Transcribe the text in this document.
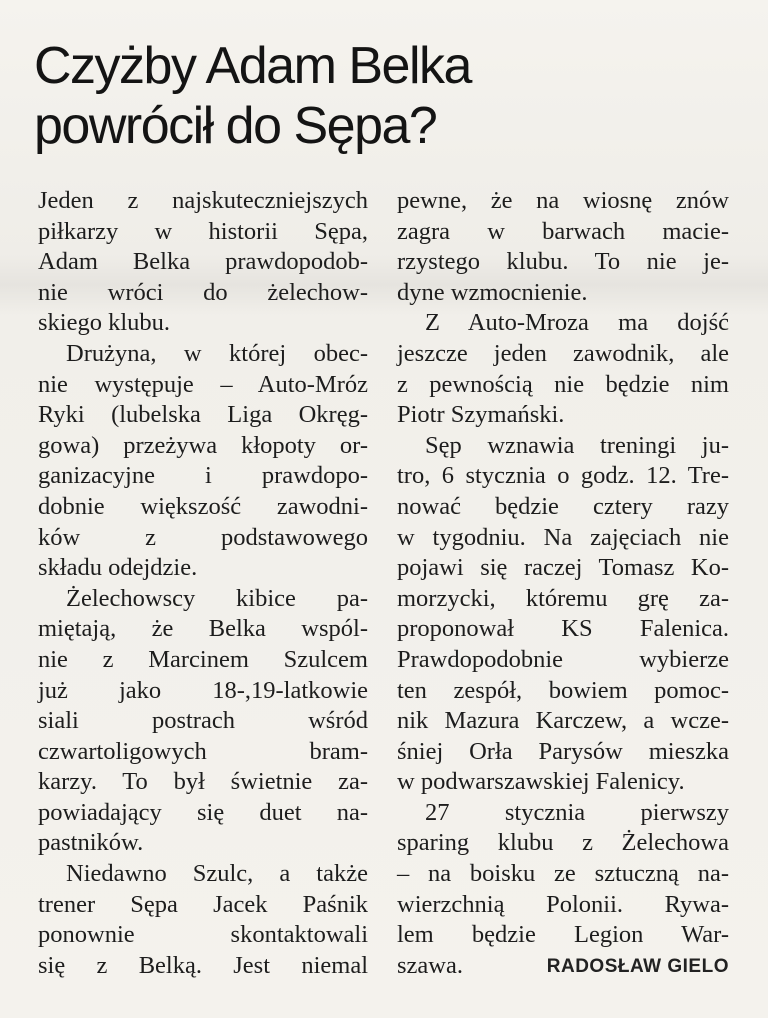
Czyżby Adam Belka
powrócił do Sępa?
Jeden z najskuteczniejszych
piłkarzy w historii Sępa,
Adam Belka prawdopodob-
nie wróci do żelechow-
skiego klubu.
Drużyna, w której obec-
nie występuje – Auto-Mróz
Ryki (lubelska Liga Okręg-
gowa) przeżywa kłopoty or-
ganizacyjne i prawdopo-
dobnie większość zawodni-
ków z podstawowego
składu odejdzie.
Żelechowscy kibice pa-
miętają, że Belka wspól-
nie z Marcinem Szulcem
już jako 18-,19-latkowie
siali postrach wśród
czwartoligowych bram-
karzy. To był świetnie za-
powiadający się duet na-
pastników.
Niedawno Szulc, a także
trener Sępa Jacek Paśnik
ponownie skontaktowali
się z Belką. Jest niemal
pewne, że na wiosnę znów
zagra w barwach macie-
rzystego klubu. To nie je-
dyne wzmocnienie.
Z Auto-Mroza ma dojść
jeszcze jeden zawodnik, ale
z pewnością nie będzie nim
Piotr Szymański.
Sęp wznawia treningi ju-
tro, 6 stycznia o godz. 12. Tre-
nować będzie cztery razy
w tygodniu. Na zajęciach nie
pojawi się raczej Tomasz Ko-
morzycki, któremu grę za-
proponował KS Falenica.
Prawdopodobnie wybierze
ten zespół, bowiem pomoc-
nik Mazura Karczew, a wcze-
śniej Orła Parysów mieszka
w podwarszawskiej Falenicy.
27 stycznia pierwszy
sparing klubu z Żelechowa
– na boisku ze sztuczną na-
wierzchnią Polonii. Rywa-
lem będzie Legion War-
szawa.	RADOSŁAW GIELO
